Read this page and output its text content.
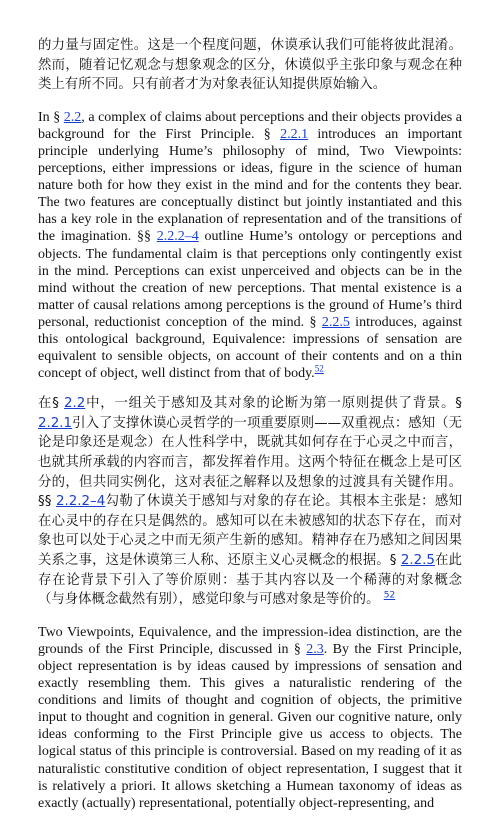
的力量与固定性。这是一个程度问题，休谟承认我们可能将彼此混淆。然而，随着记忆观念与想象观念的区分，休谟似乎主张印象与观念在种类上有所不同。只有前者才为对象表征认知提供原始输入。

In § 2.2, a complex of claims about perceptions and their objects provides a background for the First Principle. § 2.2.1 introduces an important principle underlying Hume’s philosophy of mind, Two Viewpoints: perceptions, either impressions or ideas, figure in the science of human nature both for how they exist in the mind and for the contents they bear. The two features are conceptually distinct but jointly instantiated and this has a key role in the explanation of representation and of the transitions of the imagination. §§ 2.2.2–4 outline Hume’s ontology or perceptions and objects. The fundamental claim is that perceptions only contingently exist in the mind. Perceptions can exist unperceived and objects can be in the mind without the creation of new perceptions. That mental existence is a matter of causal relations among perceptions is the ground of Hume’s third personal, reductionist conception of the mind. § 2.2.5 introduces, against this ontological background, Equivalence: impressions of sensation are equivalent to sensible objects, on account of their contents and on a thin concept of object, well distinct from that of body.$^{52}$

在§ 2.2中，一组关于感知及其对象的论断为第一原则提供了背景。§ 2.2.1引入了支撑休谟心灵哲学的一项重要原则——双重视点：感知（无论是印象还是观念）在人性科学中，既就其如何存在于心灵之中而言，也就其所承载的内容而言，都发挥着作用。这两个特征在概念上是可区分的，但共同实例化，这对表征之解释以及想象的过渡具有关键作用。§§ 2.2.2–4勾勒了休谟关于感知与对象的存在论。其根本主张是：感知在心灵中的存在只是偶然的。感知可以在未被感知的状态下存在，而对象也可以处于心灵之中而无须产生新的感知。精神存在乃感知之间因果关系之事，这是休谟第三人称、还原主义心灵概念的根据。§ 2.2.5在此存在论背景下引入了等价原则：基于其内容以及一个稀薄的对象概念（与身体概念截然有别），感觉印象与可感对象是等价的。 $^{52}$

Two Viewpoints, Equivalence, and the impression-idea distinction, are the grounds of the First Principle, discussed in § 2.3. By the First Principle, object representation is by ideas caused by impressions of sensation and exactly resembling them. This gives a naturalistic rendering of the conditions and limits of thought and cognition of objects, the primitive input to thought and cognition in general. Given our cognitive nature, only ideas conforming to the First Principle give us access to objects. The logical status of this principle is controversial. Based on my reading of it as naturalistic constitutive condition of object representation, I suggest that it is relatively a priori. It allows sketching a Humean taxonomy of ideas as exactly (actually) representational, potentially object-representing, and
